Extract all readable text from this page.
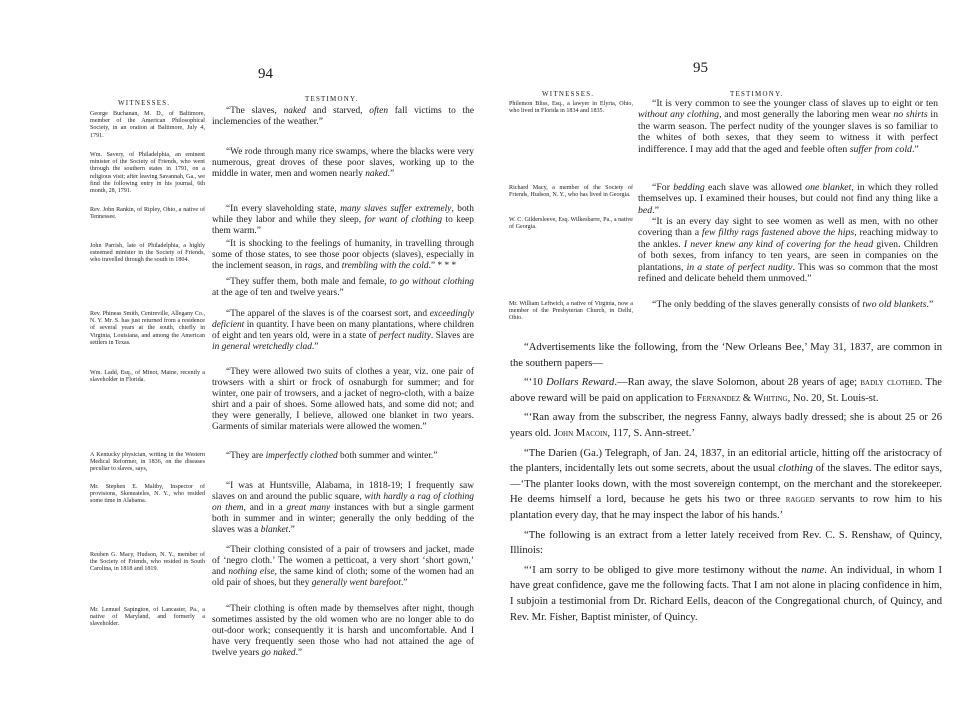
94
WITNESSES.	TESTIMONY.
George Buchanan, M. D., of Baltimore, member of the American Philosophical Society, in an oration at Baltimore, July 4, 1791.

“The slaves, naked and starved, often fall victims to the inclemencies of the weather.”

Wm. Savery, of Philadelphia, an eminent minister of the Society of Friends, who went through the southern states in 1791, on a religious visit; after leaving Savannah, Ga., we find the following entry in his journal, 6th month, 28, 1791.

“We rode through many rice swamps, where the blacks were very numerous, great droves of these poor slaves, working up to the middle in water, men and women nearly naked.”

Rev. John Rankin, of Ripley, Ohio, a native of Tennessee.

“In every slaveholding state, many slaves suffer extremely, both while they labor and while they sleep, for want of clothing to keep them warm.”

John Parrish, late of Philadelphia, a highly esteemed minister in the Society of Friends, who travelled through the south in 1804.

“It is shocking to the feelings of humanity, in travelling through some of those states, to see those poor objects (slaves), especially in the inclement season, in rags, and trembling with the cold.” * * *

“They suffer them, both male and female, to go without clothing at the age of ten and twelve years.”

Rev. Phineas Smith, Centreville, Allegany Co., N. Y. Mr. S. has just returned from a residence of several years at the south, chiefly in Virginia, Louisiana, and among the American settlers in Texas.

“The apparel of the slaves is of the coarsest sort, and exceedingly deficient in quantity. I have been on many plantations, where children of eight and ten years old, were in a state of perfect nudity. Slaves are in general wretchedly clad.”

Wm. Ladd, Esq., of Minot, Maine, recently a slaveholder in Florida.

“They were allowed two suits of clothes a year, viz. one pair of trowsers with a shirt or frock of osnaburgh for summer; and for winter, one pair of trowsers, and a jacket of negro-cloth, with a baize shirt and a pair of shoes. Some allowed hats, and some did not; and they were generally, I believe, allowed one blanket in two years. Garments of similar materials were allowed the women.”

A Kentucky physician, writing in the Western Medical Reformer, in 1836, on the diseases peculiar to slaves, says,

“They are imperfectly clothed both summer and winter.”

Mr. Stephen E. Maltby, Inspector of provisions, Skeneateles, N. Y., who resided some time in Alabama.

“I was at Huntsville, Alabama, in 1818-19; I frequently saw slaves on and around the public square, with hardly a rag of clothing on them, and in a great many instances with but a single garment both in summer and in winter; generally the only bedding of the slaves was a blanket.”

Reuben G. Macy, Hudson, N. Y., member of the Society of Friends, who resided in South Carolina, in 1818 and 1819.

“Their clothing consisted of a pair of trowsers and jacket, made of ‘negro cloth.’ The women a petticoat, a very short ‘short gown,’ and nothing else, the same kind of cloth; some of the women had an old pair of shoes, but they generally went barefoot.”

Mr. Lemuel Sapington, of Lancaster, Pa., a native of Maryland, and formerly a slaveholder.

“Their clothing is often made by themselves after night, though sometimes assisted by the old women who are no longer able to do out-door work; consequently it is harsh and uncomfortable. And I have very frequently seen those who had not attained the age of twelve years go naked.”

95
WITNESSES.	TESTIMONY.
Philemon Bliss, Esq., a lawyer in Elyria, Ohio, who lived in Florida in 1834 and 1835.

“It is very common to see the younger class of slaves up to eight or ten without any clothing, and most generally the laboring men wear no shirts in the warm season. The perfect nudity of the younger slaves is so familiar to the whites of both sexes, that they seem to witness it with perfect indifference. I may add that the aged and feeble often suffer from cold.”

Richard Macy, a member of the Society of Friends, Hudson, N. Y., who has lived in Georgia.

“For bedding each slave was allowed one blanket, in which they rolled themselves up. I examined their houses, but could not find any thing like a bed.”

W. C. Gildersleeve, Esq. Wilkesbarre, Pa., a native of Georgia.

“It is an every day sight to see women as well as men, with no other covering than a few filthy rags fastened above the hips, reaching midway to the ankles. I never knew any kind of covering for the head given. Children of both sexes, from infancy to ten years, are seen in companies on the plantations, in a state of perfect nudity. This was so common that the most refined and delicate beheld them unmoved.”

Mr. William Leftwich, a native of Virginia, now a member of the Presbyterian Church, in Delhi, Ohio.

“The only bedding of the slaves generally consists of two old blankets.”

“Advertisements like the following, from the ‘New Orleans Bee,’ May 31, 1837, are common in the southern papers—

“‘10 Dollars Reward.—Ran away, the slave Solomon, about 28 years of age; badly clothed. The above reward will be paid on application to Fernandez & Whiting, No. 20, St. Louis-st.

“‘Ran away from the subscriber, the negress Fanny, always badly dressed; she is about 25 or 26 years old. John Macoin, 117, S. Ann-street.’

“The Darien (Ga.) Telegraph, of Jan. 24, 1837, in an editorial article, hitting off the aristocracy of the planters, incidentally lets out some secrets, about the usual clothing of the slaves. The editor says,—‘The planter looks down, with the most sovereign contempt, on the merchant and the storekeeper. He deems himself a lord, because he gets his two or three ragged servants to row him to his plantation every day, that he may inspect the labor of his hands.’

“The following is an extract from a letter lately received from Rev. C. S. Renshaw, of Quincy, Illinois:

“‘I am sorry to be obliged to give more testimony without the name. An individual, in whom I have great confidence, gave me the following facts. That I am not alone in placing confidence in him, I subjoin a testimonial from Dr. Richard Eells, deacon of the Congregational church, of Quincy, and Rev. Mr. Fisher, Baptist minister, of Quincy.
